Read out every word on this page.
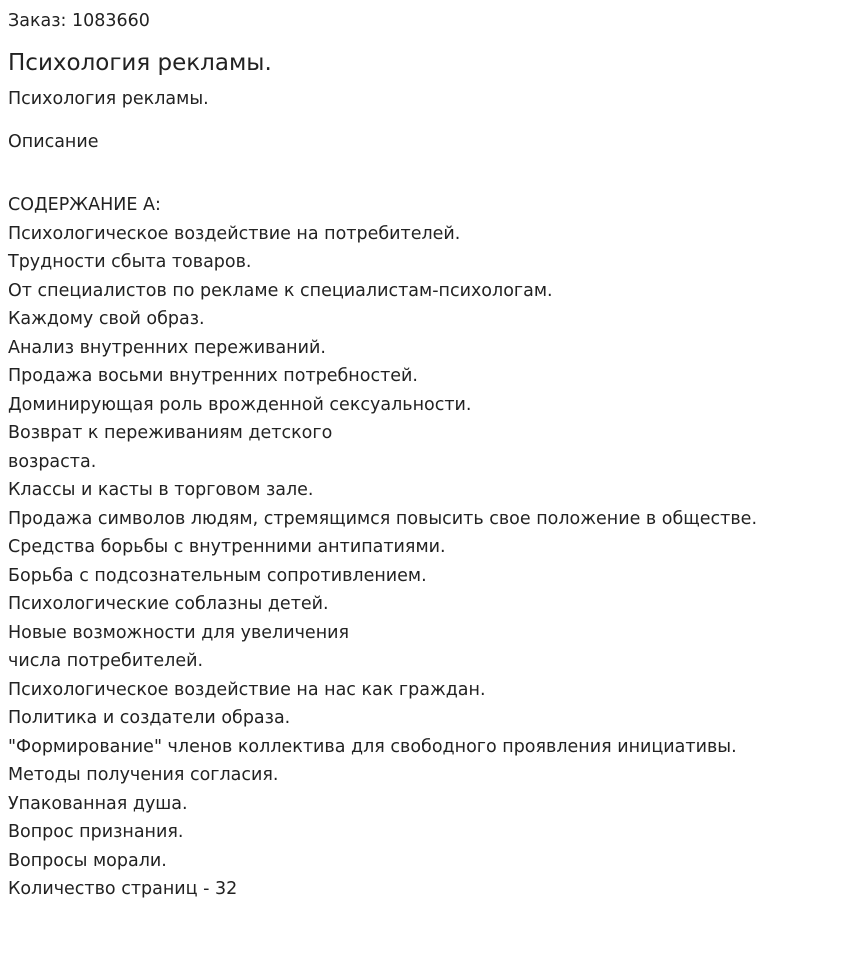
Заказ: 1083660
Психология рекламы.
Психология рекламы.
Описание
СОДЕРЖАНИЕ А:
Психологическое воздействие на потребителей.
Трудности сбыта товаров.
От специалистов по рекламе к специалистам-психологам.
Каждому свой образ.
Анализ внутренних переживаний.
Продажа восьми внутренних потребностей.
Доминирующая роль врожденной сексуальности.
Возврат к переживаниям детского
возраста.
Классы и касты в торговом зале.
Продажа символов людям, стремящимся повысить свое положение в обществе.
Средства борьбы с внутренними антипатиями.
Борьба с подсознательным сопротивлением.
Психологические соблазны детей.
Новые возможности для увеличения
числа потребителей.
Психологическое воздействие на нас как граждан.
Политика и создатели образа.
"Формирование" членов коллектива для свободного проявления инициативы.
Методы получения согласия.
Упакованная душа.
Вопрос признания.
Вопросы морали.
Количество страниц - 32
